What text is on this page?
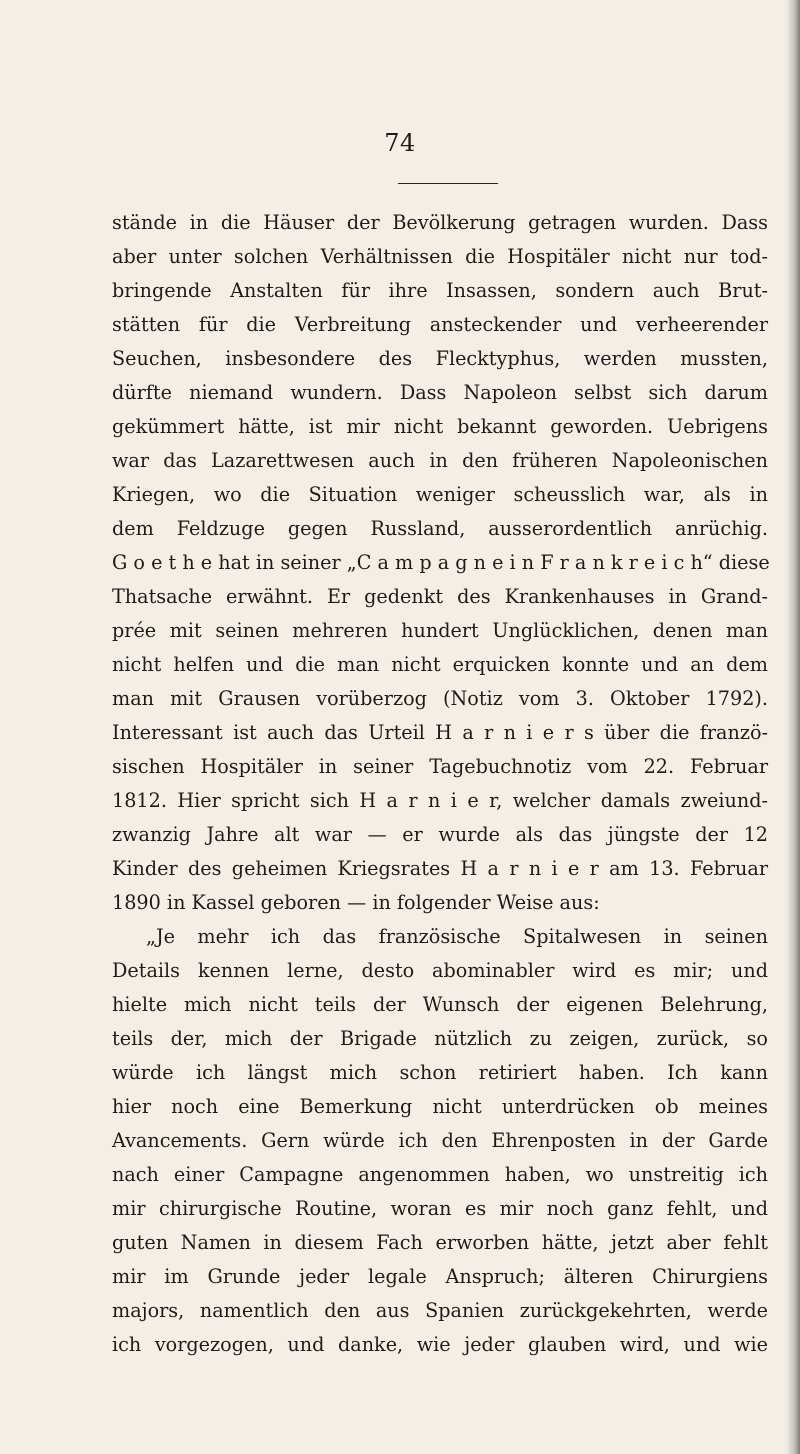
74
stände in die Häuser der Bevölkerung getragen wurden. Dass
aber unter solchen Verhältnissen die Hospitäler nicht nur tod-
bringende Anstalten für ihre Insassen, sondern auch Brut-
stätten für die Verbreitung ansteckender und verheerender
Seuchen, insbesondere des Flecktyphus, werden mussten,
dürfte niemand wundern. Dass Napoleon selbst sich darum
gekümmert hätte, ist mir nicht bekannt geworden. Uebrigens
war das Lazarettwesen auch in den früheren Napoleonischen
Kriegen, wo die Situation weniger scheusslich war, als in
dem Feldzuge gegen Russland, ausserordentlich anrüchig.
G o e t h e hat in seiner „C a m p a g n e i n F r a n k r e i c h“ diese
Thatsache erwähnt. Er gedenkt des Krankenhauses in Grand-
prée mit seinen mehreren hundert Unglücklichen, denen man
nicht helfen und die man nicht erquicken konnte und an dem
man mit Grausen vorüberzog (Notiz vom 3. Oktober 1792).
Interessant ist auch das Urteil H a r n i e r s über die franzö-
sischen Hospitäler in seiner Tagebuchnotiz vom 22. Februar
1812. Hier spricht sich H a r n i e r, welcher damals zweiund-
zwanzig Jahre alt war — er wurde als das jüngste der 12
Kinder des geheimen Kriegsrates H a r n i e r am 13. Februar
1890 in Kassel geboren — in folgender Weise aus:
„Je mehr ich das französische Spitalwesen in seinen
Details kennen lerne, desto abominabler wird es mir; und
hielte mich nicht teils der Wunsch der eigenen Belehrung,
teils der, mich der Brigade nützlich zu zeigen, zurück, so
würde ich längst mich schon retiriert haben. Ich kann
hier noch eine Bemerkung nicht unterdrücken ob meines
Avancements. Gern würde ich den Ehrenposten in der Garde
nach einer Campagne angenommen haben, wo unstreitig ich
mir chirurgische Routine, woran es mir noch ganz fehlt, und
guten Namen in diesem Fach erworben hätte, jetzt aber fehlt
mir im Grunde jeder legale Anspruch; älteren Chirurgiens
majors, namentlich den aus Spanien zurückgekehrten, werde
ich vorgezogen, und danke, wie jeder glauben wird, und wie
